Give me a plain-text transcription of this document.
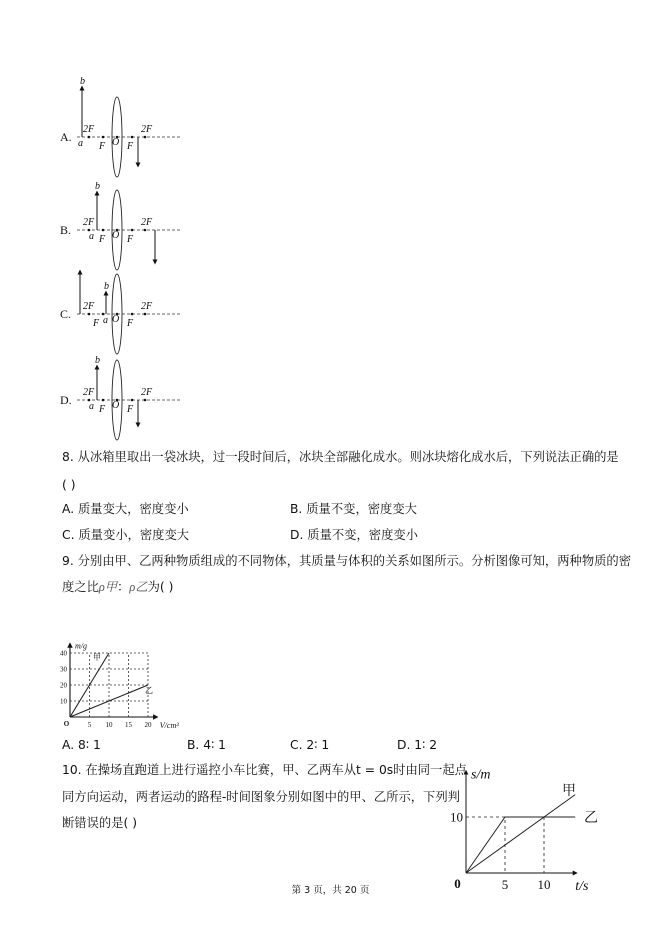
A.
2F
F O F
2F
b
a
B.
2F
F O F
2F
b
a
C.
2F
F O F
2F
b
a
D.
2F
F O F
2F
b
a
8. 从冰箱里取出一袋冰块，过一段时间后，冰块全部融化成水。则冰块熔化成水后，下列说法正确的是
( )
A. 质量变大，密度变小	B. 质量不变，密度变大
C. 质量变小，密度变大	D. 质量不变，密度变小
9. 分别由甲、乙两种物质组成的不同物体，其质量与体积的关系如图所示。分析图像可知，两种物质的密
度之比ρ甲：ρ乙为( )
5 10 15 20
10
20
30
40
O	V/cm³
m/g
甲
乙
A. 8∶ 1	B. 4∶ 1	C. 2∶ 1	D. 1∶ 2
10. 在操场直跑道上进行遥控小车比赛，甲、乙两车从t = 0s时由同一起点
同方向运动，两者运动的路程-时间图象分别如图中的甲、乙所示，下列判
断错误的是( )
5 10
10
0	t/s
s/m
甲
乙
第 3 页，共 20 页
